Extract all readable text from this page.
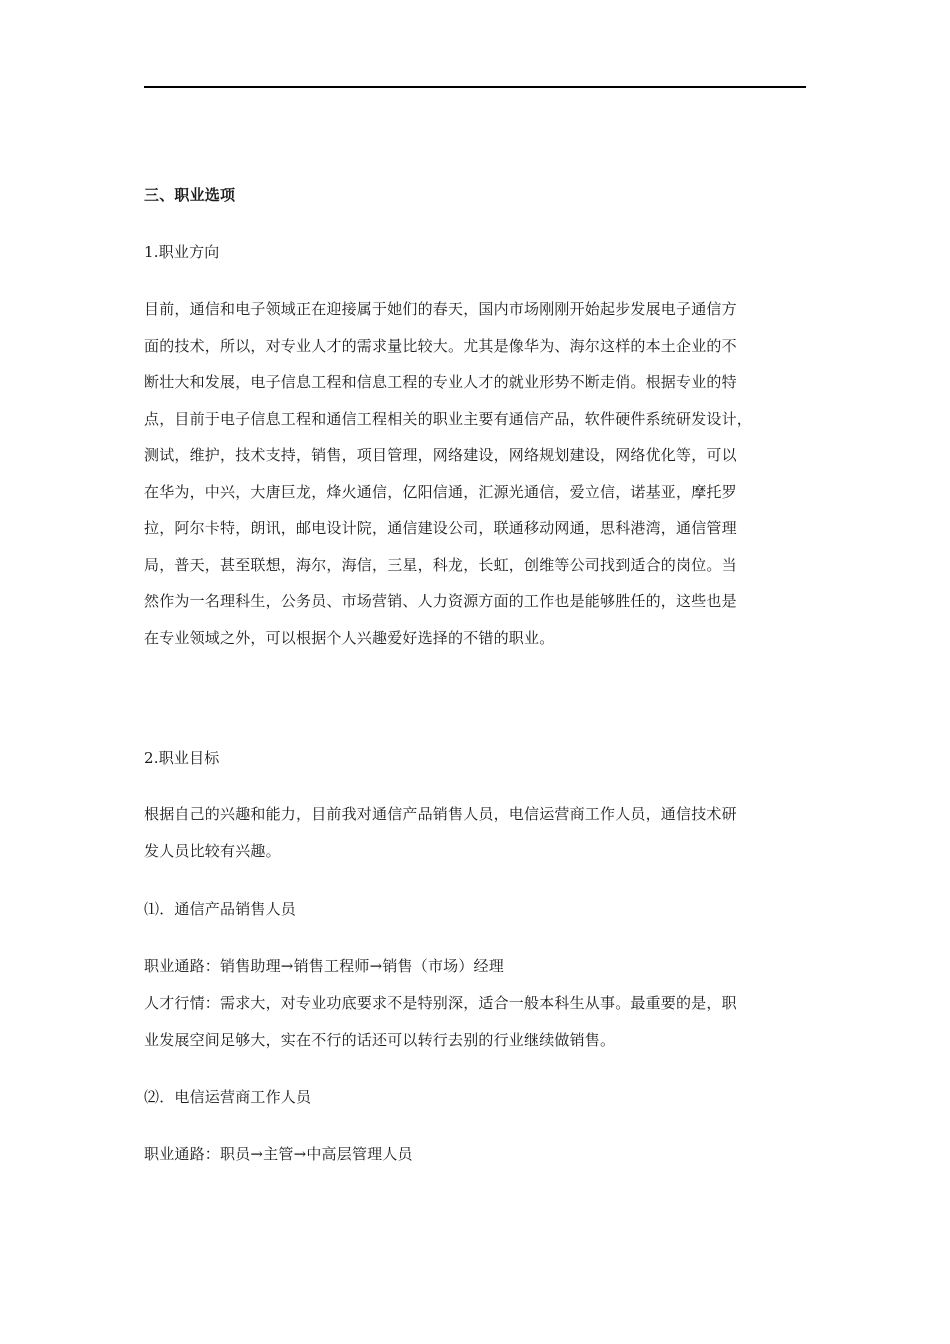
三、职业选项

1.职业方向

目前，通信和电子领域正在迎接属于她们的春天，国内市场刚刚开始起步发展电子通信方
面的技术，所以，对专业人才的需求量比较大。尤其是像华为、海尔这样的本土企业的不
断壮大和发展，电子信息工程和信息工程的专业人才的就业形势不断走俏。根据专业的特
点，目前于电子信息工程和通信工程相关的职业主要有通信产品，软件硬件系统研发设计，
测试，维护，技术支持，销售，项目管理，网络建设，网络规划建设，网络优化等，可以
在华为，中兴，大唐巨龙，烽火通信，亿阳信通，汇源光通信，爱立信，诺基亚，摩托罗
拉，阿尔卡特，朗讯，邮电设计院，通信建设公司，联通移动网通，思科港湾，通信管理
局，普天，甚至联想，海尔，海信，三星，科龙，长虹，创维等公司找到适合的岗位。当
然作为一名理科生，公务员、市场营销、人力资源方面的工作也是能够胜任的，这些也是
在专业领域之外，可以根据个人兴趣爱好选择的不错的职业。

2.职业目标

根据自己的兴趣和能力，目前我对通信产品销售人员，电信运营商工作人员，通信技术研
发人员比较有兴趣。

⑴．通信产品销售人员

职业通路：销售助理→销售工程师→销售（市场）经理

人才行情：需求大，对专业功底要求不是特别深，适合一般本科生从事。最重要的是，职
业发展空间足够大，实在不行的话还可以转行去别的行业继续做销售。

⑵．电信运营商工作人员

职业通路：职员→主管→中高层管理人员
